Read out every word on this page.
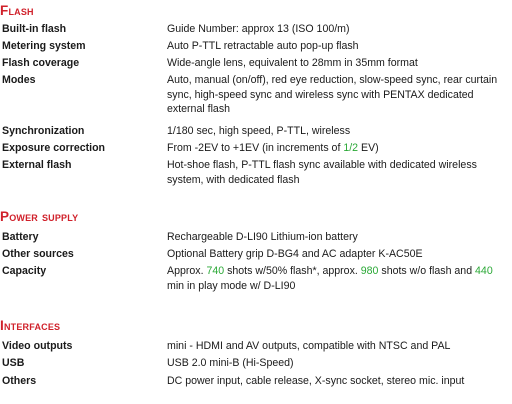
Flash
Built-in flash	Guide Number: approx 13 (ISO 100/m)
Metering system	Auto P-TTL retractable auto pop-up flash
Flash coverage	Wide-angle lens, equivalent to 28mm in 35mm format
Modes	Auto, manual (on/off), red eye reduction, slow-speed sync, rear curtain sync, high-speed sync and wireless sync with PENTAX dedicated external flash
Synchronization	1/180 sec, high speed, P-TTL, wireless
Exposure correction	From -2EV to +1EV (in increments of 1/2 EV)
External flash	Hot-shoe flash, P-TTL flash sync available with dedicated wireless system, with dedicated flash
Power supply
Battery	Rechargeable D-LI90 Lithium-ion battery
Other sources	Optional Battery grip D-BG4 and AC adapter K-AC50E
Capacity	Approx. 740 shots w/50% flash*, approx. 980 shots w/o flash and 440 min in play mode w/ D-LI90
Interfaces
Video outputs	mini - HDMI and AV outputs, compatible with NTSC and PAL
USB	USB 2.0 mini-B (Hi-Speed)
Others	DC power input, cable release, X-sync socket, stereo mic. input
